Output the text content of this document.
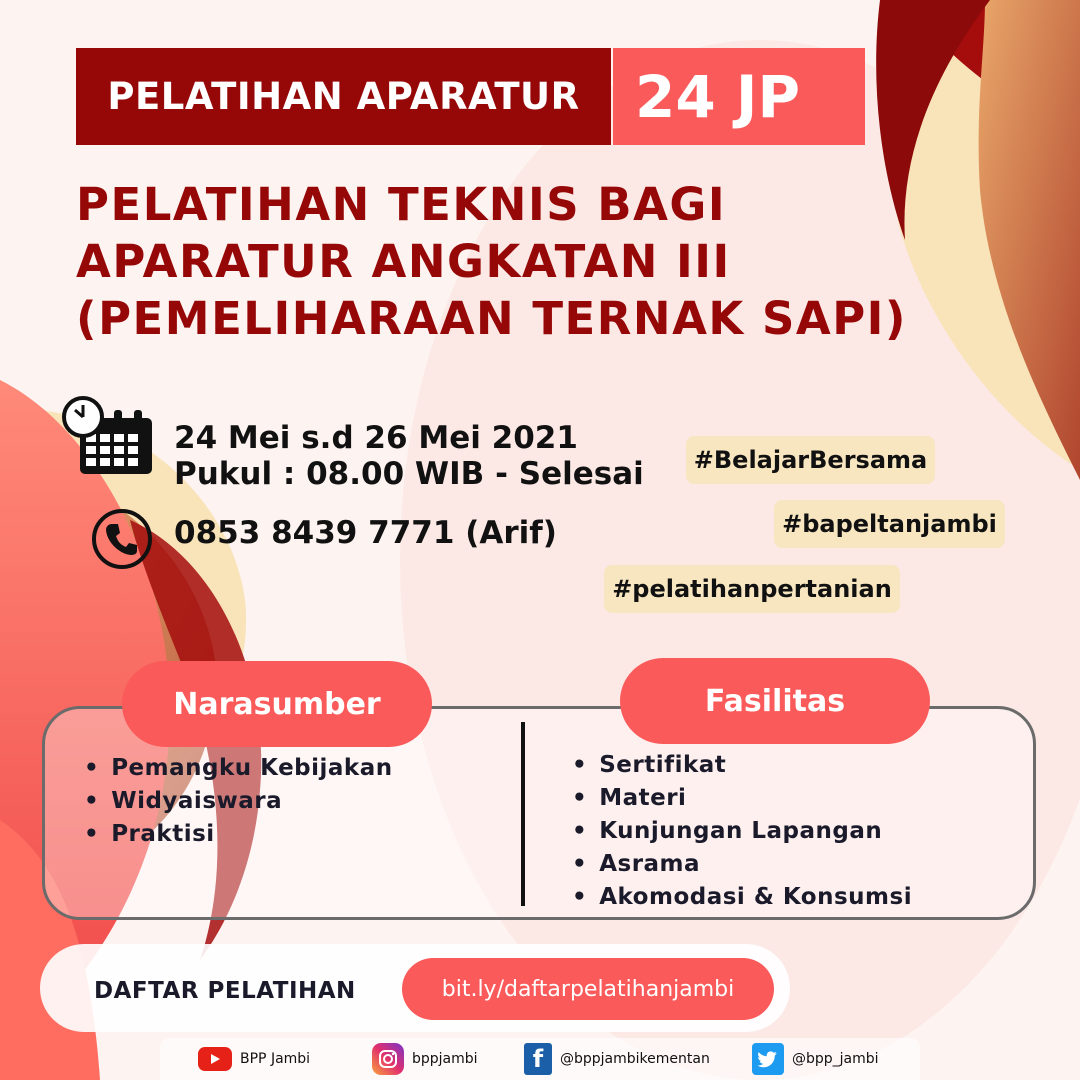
PELATIHAN APARATUR 24 JP
PELATIHAN TEKNIS BAGI
APARATUR ANGKATAN III
(PEMELIHARAAN TERNAK SAPI)
24 Mei s.d 26 Mei 2021
Pukul : 08.00 WIB - Selesai
0853 8439 7771 (Arif)
#BelajarBersama
#bapeltanjambi
#pelatihanpertanian
Narasumber	Fasilitas
• Pemangku Kebijakan
• Widyaiswara
• Praktisi
• Sertifikat
• Materi
• Kunjungan Lapangan
• Asrama
• Akomodasi & Konsumsi
DAFTAR PELATIHAN	bit.ly/daftarpelatihanjambi
BPP Jambi	bppjambi	f	@bppjambikementan	@bpp_jambi
